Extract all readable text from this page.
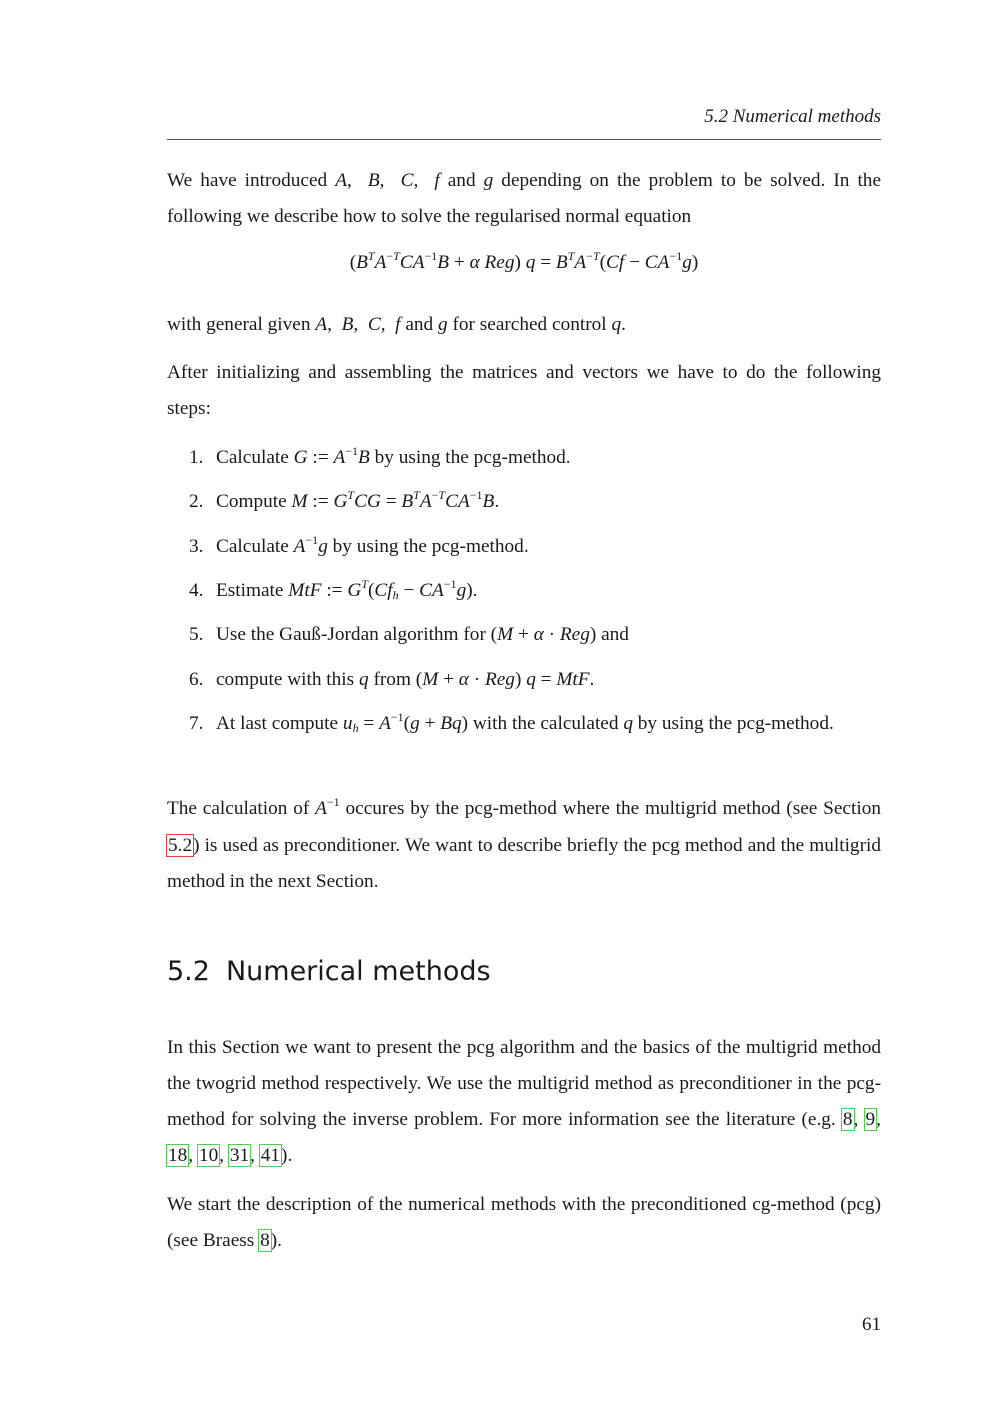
5.2 Numerical methods

We have introduced A,  B,  C,  f and g depending on the problem to be solved. In the following we describe how to solve the regularised normal equation

($B^TA^{-T}CA^{-1}B + \alpha$ Reg) $q = B^TA^{-T}(Cf - CA^{-1}g)$

with general given A,  B,  C,  f and g for searched control q.

After initializing and assembling the matrices and vectors we have to do the following steps:

1. Calculate G := $A^{-1}B$ by using the pcg-method.
2. Compute M := $G^TCG = B^TA^{-T}CA^{-1}B$.
3. Calculate $A^{-1}g$ by using the pcg-method.
4. Estimate MtF := $G^T(Cf_h - CA^{-1}g)$.
5. Use the Gauß-Jordan algorithm for (M + α · Reg) and
6. compute with this q from (M + α · Reg) q = MtF.
7. At last compute $u_h = A^{-1}(g + Bq)$ with the calculated q by using the pcg-method.

The calculation of $A^{-1}$ occures by the pcg-method where the multigrid method (see Section 5.2) is used as preconditioner. We want to describe briefly the pcg method and the multigrid method in the next Section.

5.2 Numerical methods

In this Section we want to present the pcg algorithm and the basics of the multigrid method the twogrid method respectively. We use the multigrid method as preconditioner in the pcg-method for solving the inverse problem. For more information see the literature (e.g. 8, 9, 18, 10, 31, 41).

We start the description of the numerical methods with the preconditioned cg-method (pcg) (see Braess 8).

61
